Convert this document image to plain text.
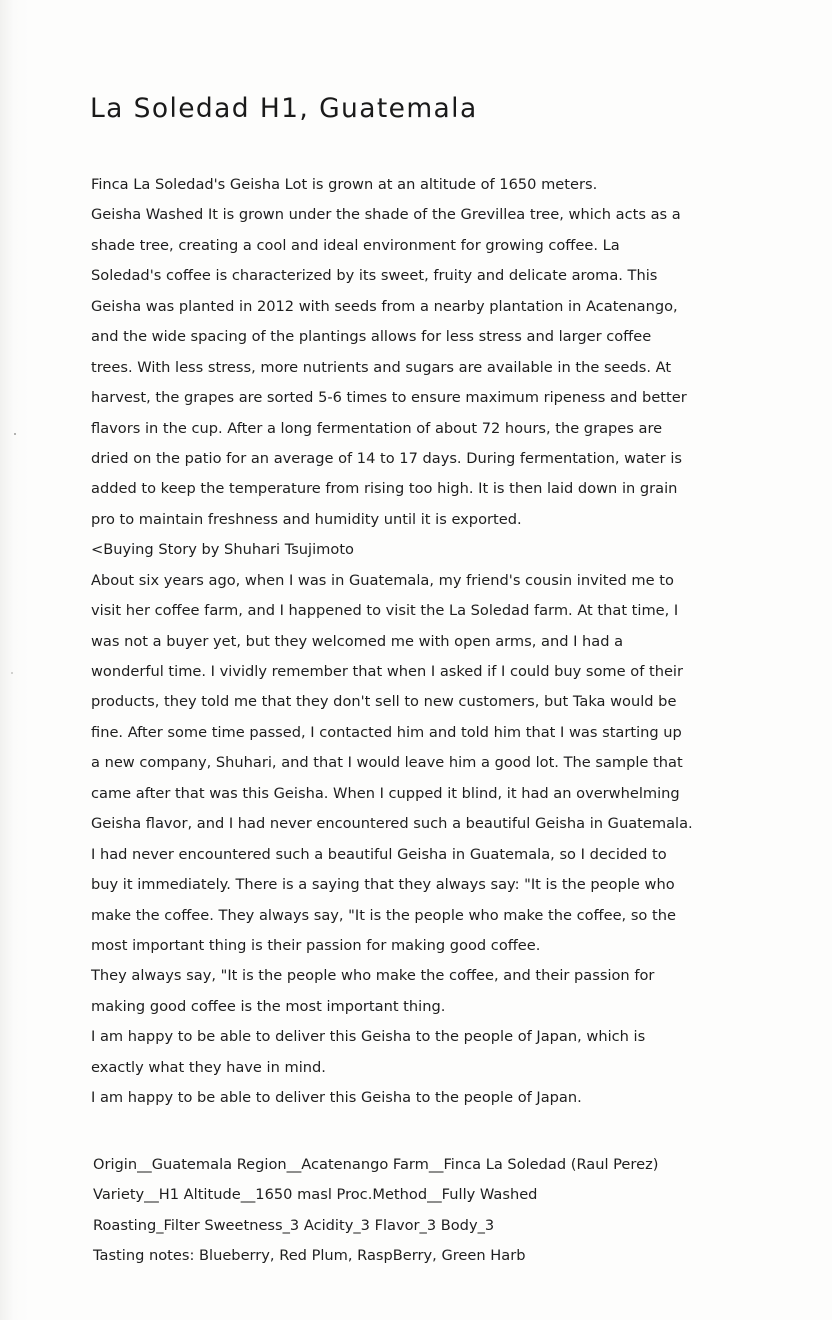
La Soledad H1, Guatemala
Finca La Soledad's Geisha Lot is grown at an altitude of 1650 meters.
Geisha Washed It is grown under the shade of the Grevillea tree, which acts as a
shade tree, creating a cool and ideal environment for growing coffee. La
Soledad's coffee is characterized by its sweet, fruity and delicate aroma. This
Geisha was planted in 2012 with seeds from a nearby plantation in Acatenango,
and the wide spacing of the plantings allows for less stress and larger coffee
trees. With less stress, more nutrients and sugars are available in the seeds. At
harvest, the grapes are sorted 5-6 times to ensure maximum ripeness and better
flavors in the cup. After a long fermentation of about 72 hours, the grapes are
dried on the patio for an average of 14 to 17 days. During fermentation, water is
added to keep the temperature from rising too high. It is then laid down in grain
pro to maintain freshness and humidity until it is exported.
<Buying Story by Shuhari Tsujimoto
About six years ago, when I was in Guatemala, my friend's cousin invited me to
visit her coffee farm, and I happened to visit the La Soledad farm. At that time, I
was not a buyer yet, but they welcomed me with open arms, and I had a
wonderful time. I vividly remember that when I asked if I could buy some of their
products, they told me that they don't sell to new customers, but Taka would be
fine. After some time passed, I contacted him and told him that I was starting up
a new company, Shuhari, and that I would leave him a good lot. The sample that
came after that was this Geisha. When I cupped it blind, it had an overwhelming
Geisha flavor, and I had never encountered such a beautiful Geisha in Guatemala.
I had never encountered such a beautiful Geisha in Guatemala, so I decided to
buy it immediately. There is a saying that they always say: "It is the people who
make the coffee. They always say, "It is the people who make the coffee, so the
most important thing is their passion for making good coffee.
They always say, "It is the people who make the coffee, and their passion for
making good coffee is the most important thing.
I am happy to be able to deliver this Geisha to the people of Japan, which is
exactly what they have in mind.
I am happy to be able to deliver this Geisha to the people of Japan.
Origin__Guatemala Region__Acatenango Farm__Finca La Soledad (Raul Perez)
Variety__H1 Altitude__1650 masl Proc.Method__Fully Washed
Roasting_Filter Sweetness_3 Acidity_3 Flavor_3 Body_3
Tasting notes: Blueberry, Red Plum, RaspBerry, Green Harb
